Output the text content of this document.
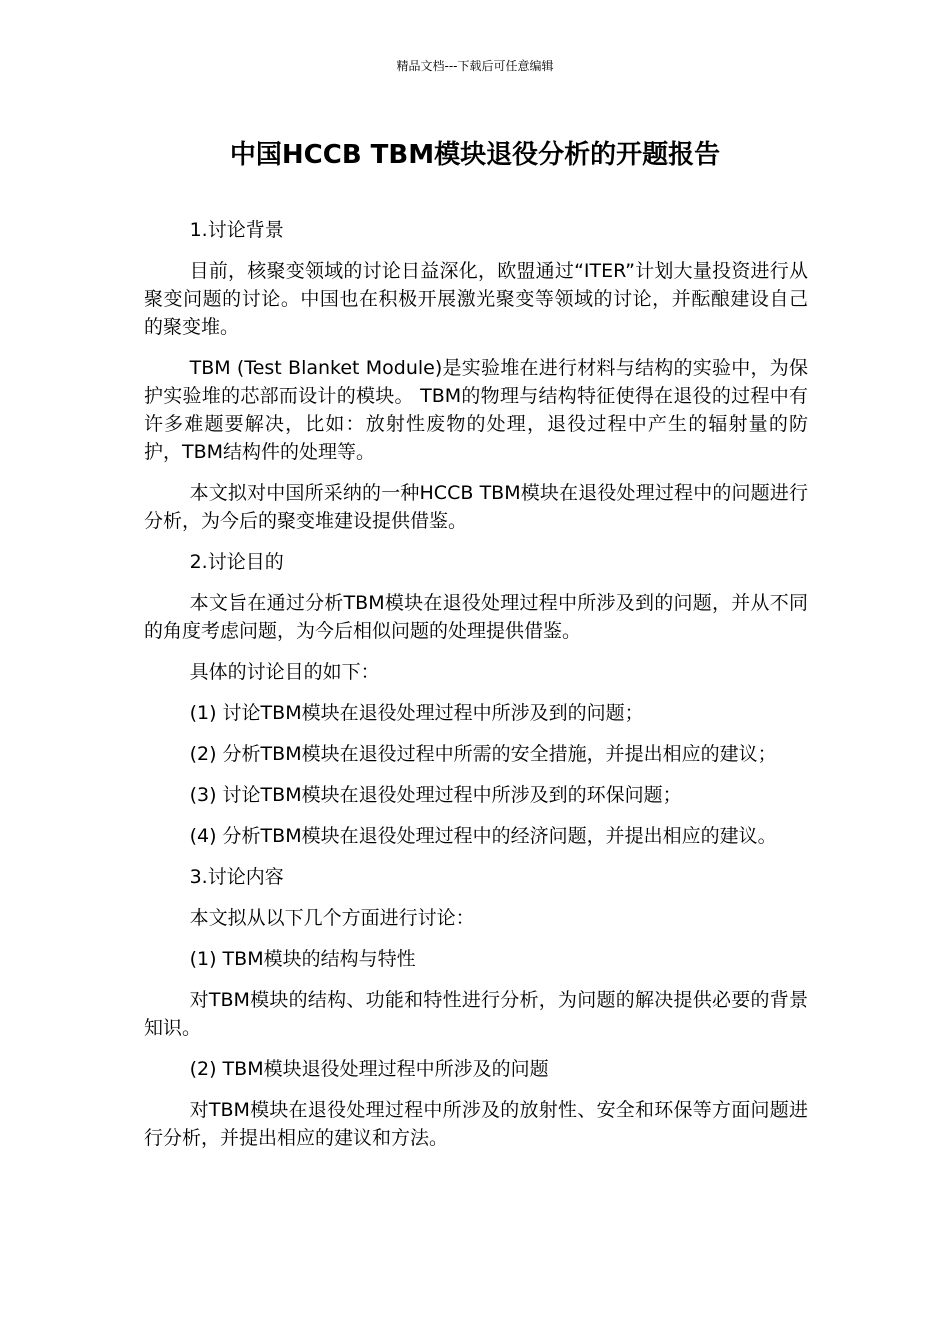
精品文档---下载后可任意编辑
中国HCCB TBM模块退役分析的开题报告

1.讨论背景

目前，核聚变领域的讨论日益深化，欧盟通过“ITER”计划大量投资进行从聚变问题的讨论。中国也在积极开展激光聚变等领域的讨论，并酝酿建设自己的聚变堆。

TBM (Test Blanket Module)是实验堆在进行材料与结构的实验中，为保护实验堆的芯部而设计的模块。 TBM的物理与结构特征使得在退役的过程中有许多难题要解决，比如：放射性废物的处理，退役过程中产生的辐射量的防护，TBM结构件的处理等。

本文拟对中国所采纳的一种HCCB TBM模块在退役处理过程中的问题进行分析，为今后的聚变堆建设提供借鉴。

2.讨论目的

本文旨在通过分析TBM模块在退役处理过程中所涉及到的问题，并从不同的角度考虑问题，为今后相似问题的处理提供借鉴。

具体的讨论目的如下：

(1) 讨论TBM模块在退役处理过程中所涉及到的问题；

(2) 分析TBM模块在退役过程中所需的安全措施，并提出相应的建议；

(3) 讨论TBM模块在退役处理过程中所涉及到的环保问题；

(4) 分析TBM模块在退役处理过程中的经济问题，并提出相应的建议。

3.讨论内容

本文拟从以下几个方面进行讨论：

(1) TBM模块的结构与特性

对TBM模块的结构、功能和特性进行分析，为问题的解决提供必要的背景知识。

(2) TBM模块退役处理过程中所涉及的问题

对TBM模块在退役处理过程中所涉及的放射性、安全和环保等方面问题进行分析，并提出相应的建议和方法。
